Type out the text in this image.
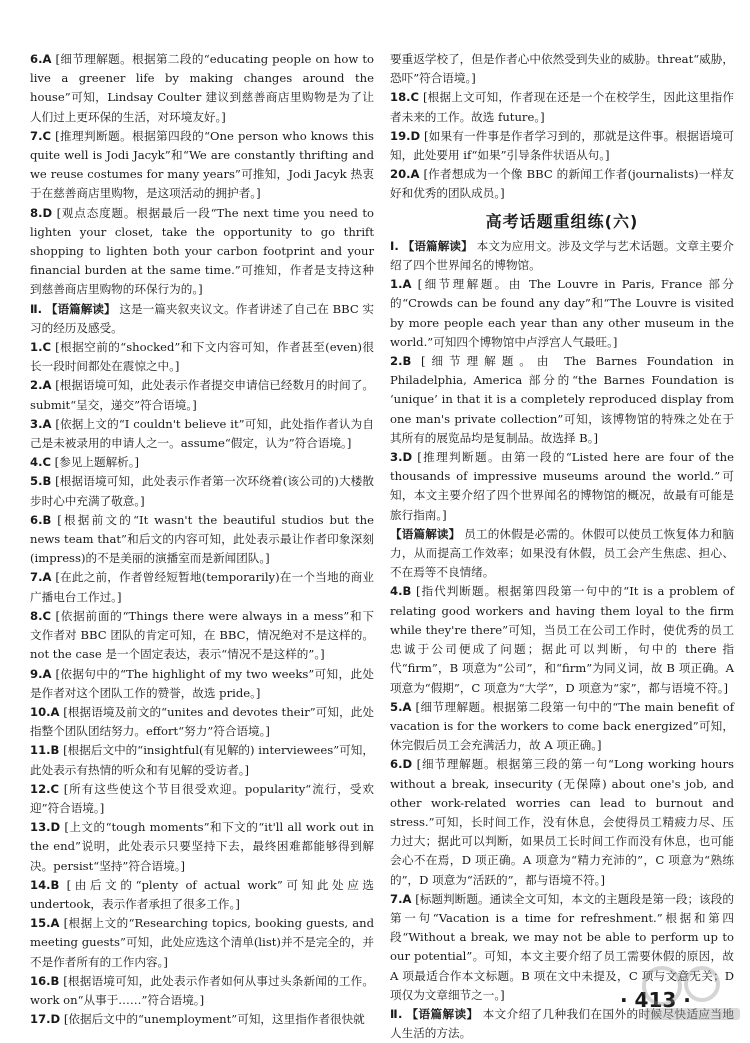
6.A [细节理解题。根据第二段的“educating people on how to live a greener life by making changes around the house”可知，Lindsay Coulter 建议到慈善商店里购物是为了让人们过上更环保的生活，对环境友好。]
7.C [推理判断题。根据第四段的“One person who knows this quite well is Jodi Jacyk”和“We are constantly thrifting and we reuse costumes for many years”可推知，Jodi Jacyk 热衷于在慈善商店里购物，是这项活动的拥护者。]
8.D [观点态度题。根据最后一段“The next time you need to lighten your closet, take the opportunity to go thrift shopping to lighten both your carbon footprint and your financial burden at the same time.”可推知，作者是支持这种到慈善商店里购物的环保行为的。]
Ⅱ. 【语篇解读】 这是一篇夹叙夹议文。作者讲述了自己在 BBC 实习的经历及感受。
1.C [根据空前的“shocked”和下文内容可知，作者甚至(even)很长一段时间都处在震惊之中。]
2.A [根据语境可知，此处表示作者提交申请信已经数月的时间了。submit“呈交，递交”符合语境。]
3.A [依据上文的“I couldn't believe it”可知，此处指作者认为自己是未被录用的申请人之一。assume“假定，认为”符合语境。]
4.C [参见上题解析。]
5.B [根据语境可知，此处表示作者第一次环绕着(该公司的)大楼散步时心中充满了敬意。]
6.B [根据前文的“It wasn't the beautiful studios but the news team that”和后文的内容可知，此处表示最让作者印象深刻(impress)的不是美丽的演播室而是新闻团队。]
7.A [在此之前，作者曾经短暂地(temporarily)在一个当地的商业广播电台工作过。]
8.C [依据前面的“Things there were always in a mess”和下文作者对 BBC 团队的肯定可知，在 BBC，情况绝对不是这样的。not the case 是一个固定表达，表示“情况不是这样的”。]
9.A [依据句中的“The highlight of my two weeks”可知，此处是作者对这个团队工作的赞誉，故选 pride。]
10.A [根据语境及前文的“unites and devotes their”可知，此处指整个团队团结努力。effort“努力”符合语境。]
11.B [根据后文中的“insightful(有见解的) interviewees”可知，此处表示有热情的听众和有见解的受访者。]
12.C [所有这些使这个节目很受欢迎。popularity“流行，受欢迎”符合语境。]
13.D [上文的“tough moments”和下文的“it'll all work out in the end”说明，此处表示只要坚持下去，最终困难都能够得到解决。persist“坚持”符合语境。]
14.B [由后文的“plenty of actual work”可知此处应选 undertook，表示作者承担了很多工作。]
15.A [根据上文的“Researching topics, booking guests, and meeting guests”可知，此处应选这个清单(list)并不是完全的，并不是作者所有的工作内容。]
16.B [根据语境可知，此处表示作者如何从事过头条新闻的工作。work on“从事于……”符合语境。]
17.D [依据后文中的“unemployment”可知，这里指作者很快就
要重返学校了，但是作者心中依然受到失业的威胁。threat“威胁，恐吓”符合语境。]
18.C [根据上文可知，作者现在还是一个在校学生，因此这里指作者未来的工作。故选 future。]
19.D [如果有一件事是作者学习到的，那就是这件事。根据语境可知，此处要用 if“如果”引导条件状语从句。]
20.A [作者想成为一个像 BBC 的新闻工作者(journalists)一样友好和优秀的团队成员。]
高考话题重组练(六)
Ⅰ. 【语篇解读】 本文为应用文。涉及文学与艺术话题。文章主要介绍了四个世界闻名的博物馆。
1.A [细节理解题。由 The Louvre in Paris, France 部分的“Crowds can be found any day”和“The Louvre is visited by more people each year than any other museum in the world.”可知四个博物馆中卢浮宫人气最旺。]
2.B [细节理解题。由 The Barnes Foundation in Philadelphia, America 部分的“the Barnes Foundation is ‘unique’ in that it is a completely reproduced display from one man's private collection”可知，该博物馆的特殊之处在于其所有的展览品均是复制品。故选择 B。]
3.D [推理判断题。由第一段的“Listed here are four of the thousands of impressive museums around the world.”可知，本文主要介绍了四个世界闻名的博物馆的概况，故最有可能是旅行指南。]
【语篇解读】 员工的休假是必需的。休假可以使员工恢复体力和脑力，从而提高工作效率；如果没有休假，员工会产生焦虑、担心、不在焉等不良情绪。
4.B [指代判断题。根据第四段第一句中的“It is a problem of relating good workers and having them loyal to the firm while they're there”可知，当员工在公司工作时，使优秀的员工忠诚于公司便成了问题；据此可以判断，句中的 there 指代“firm”，B 项意为“公司”，和“firm”为同义词，故 B 项正确。A 项意为“假期”，C 项意为“大学”，D 项意为“家”，都与语境不符。]
5.A [细节理解题。根据第二段第一句中的“The main benefit of vacation is for the workers to come back energized”可知，休完假后员工会充满活力，故 A 项正确。]
6.D [细节理解题。根据第三段的第一句“Long working hours without a break, insecurity (无保障) about one's job, and other work-related worries can lead to burnout and stress.”可知，长时间工作，没有休息，会使得员工精疲力尽、压力过大；据此可以判断，如果员工长时间工作而没有休息，也可能会心不在焉，D 项正确。A 项意为“精力充沛的”，C 项意为“熟练的”，D 项意为“活跃的”，都与语境不符。]
7.A [标题判断题。通读全文可知，本文的主题段是第一段；该段的第一句“Vacation is a time for refreshment.”根据和第四段“Without a break, we may not be able to perform up to our potential”。可知，本文主要介绍了员工需要休假的原因，故 A 项最适合作本文标题。B 项在文中未提及，C 项与文意无关；D 项仅为文章细节之一。]
Ⅱ. 【语篇解读】 本文介绍了几种我们在国外的时候尽快适应当地人生活的方法。
· 413 ·
